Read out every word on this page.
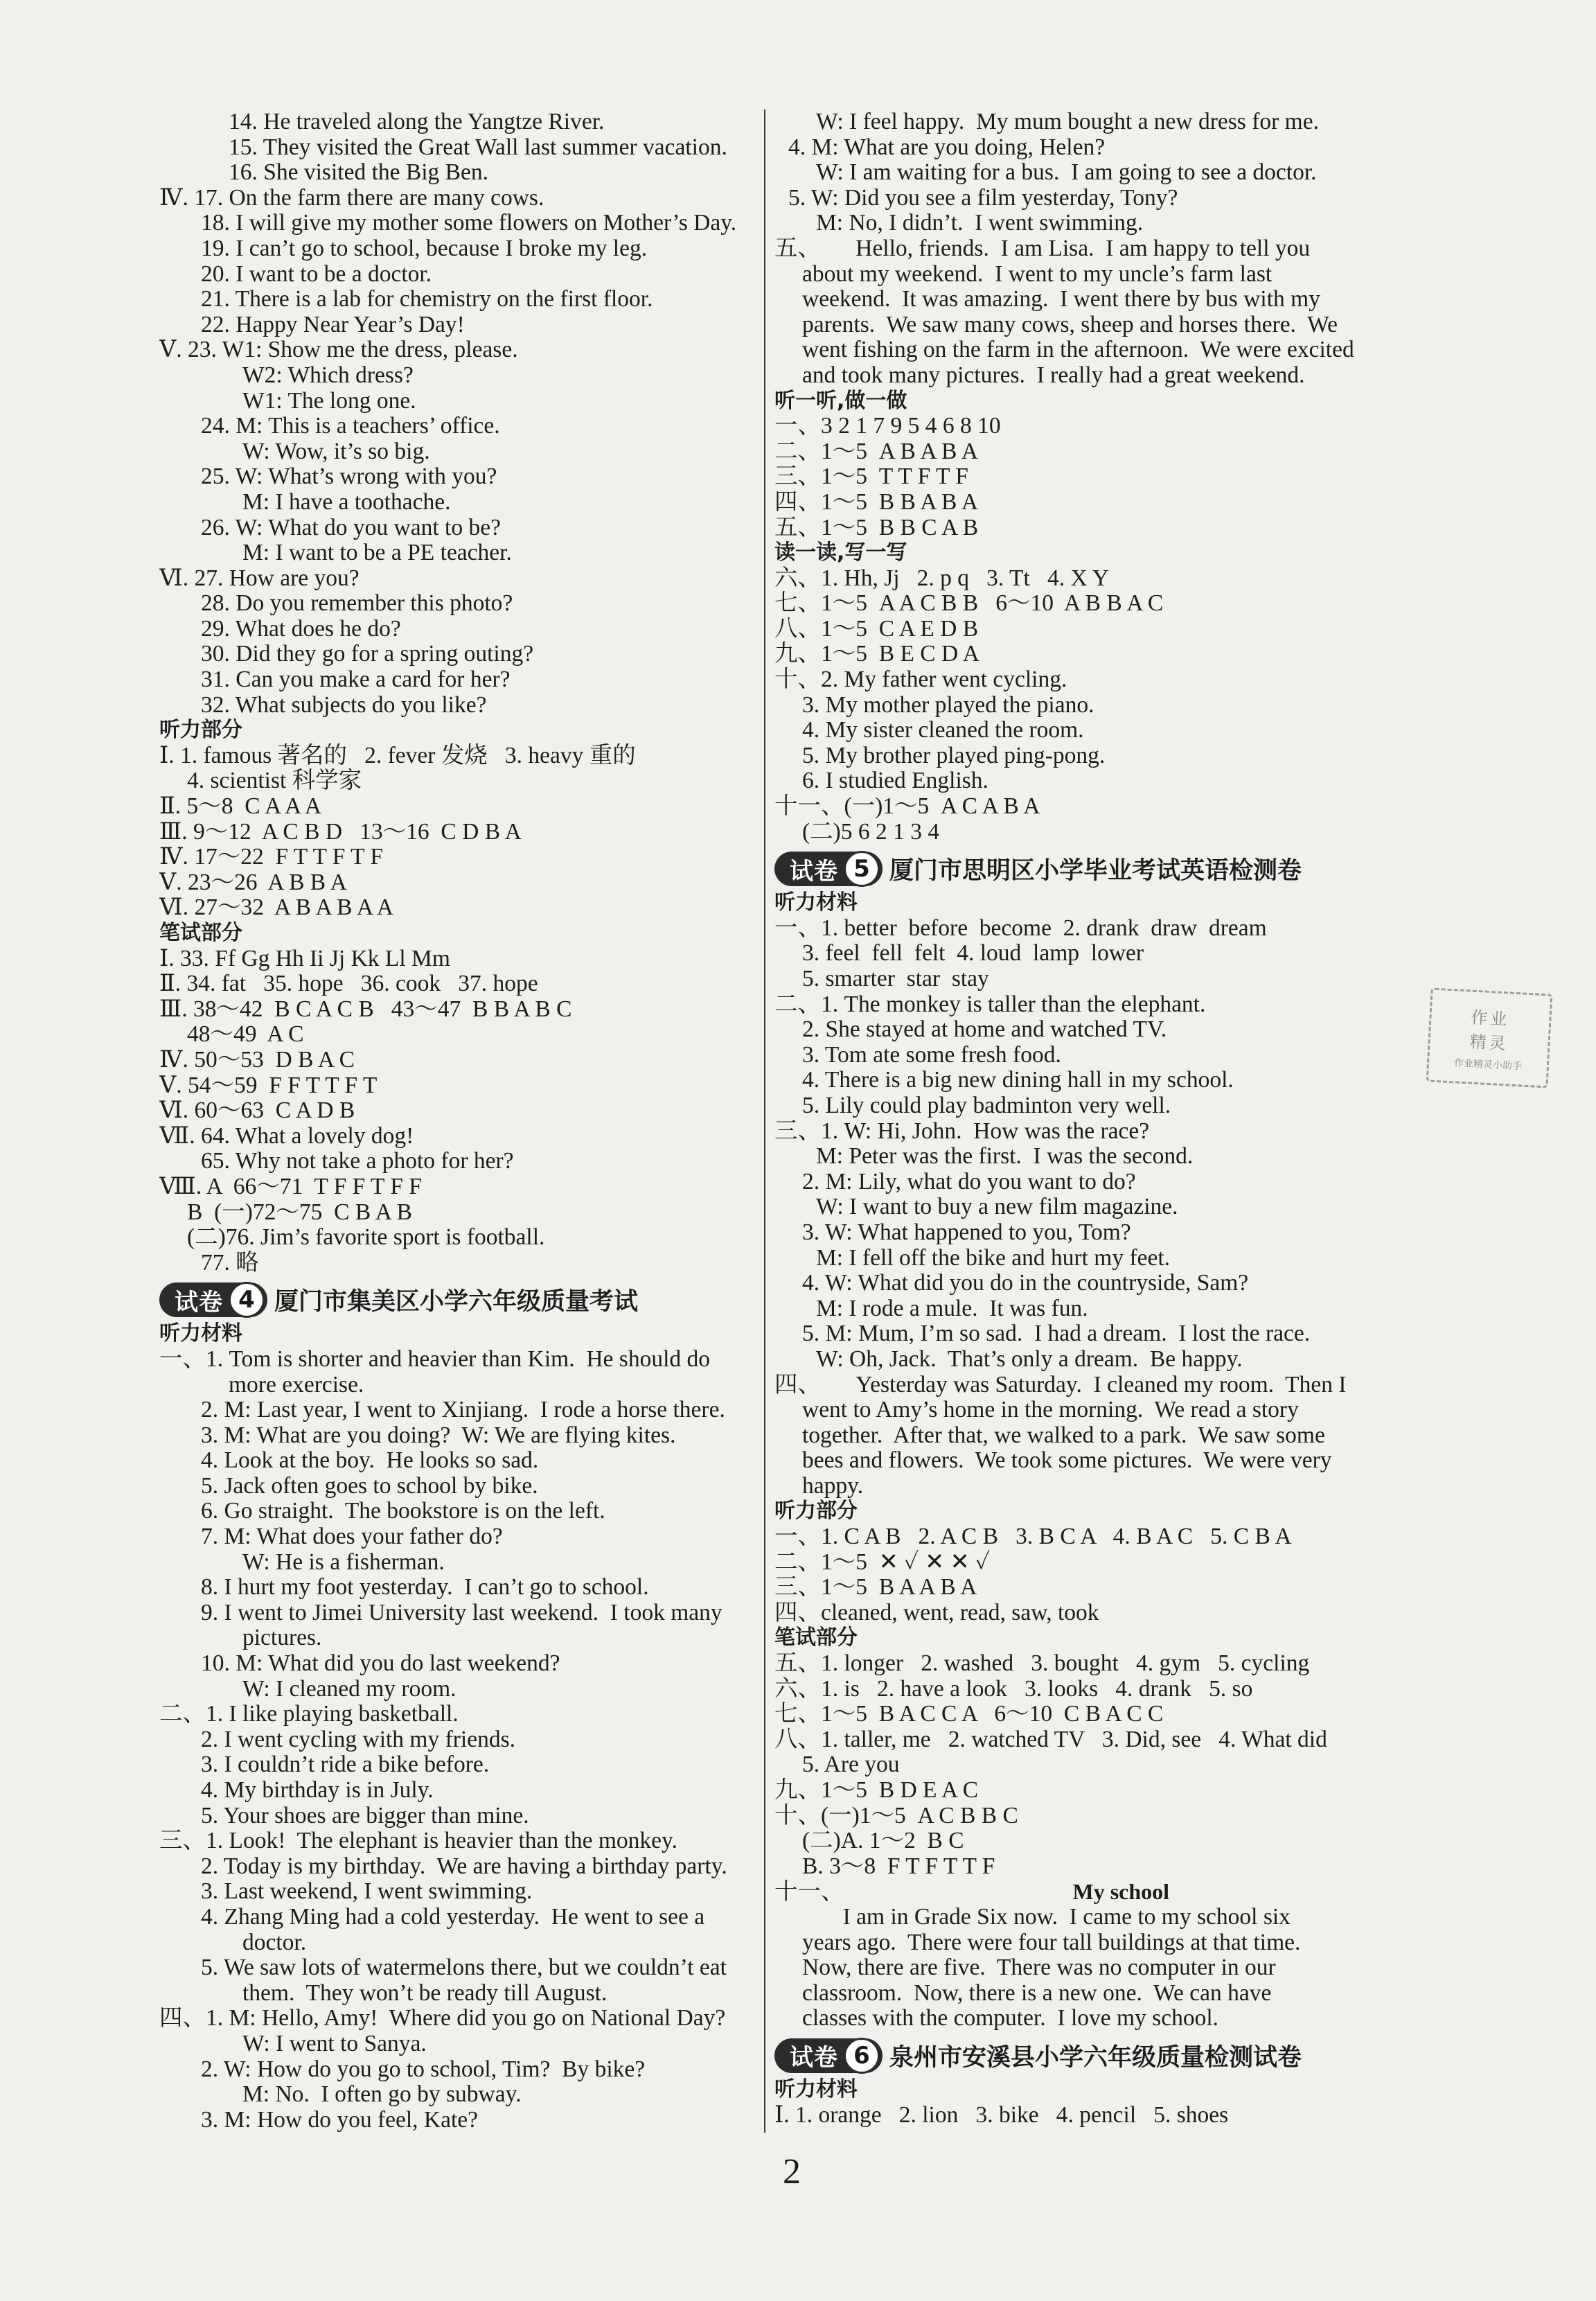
14. He traveled along the Yangtze River.
15. They visited the Great Wall last summer vacation.
16. She visited the Big Ben.
Ⅳ. 17. On the farm there are many cows.
18. I will give my mother some flowers on Mother’s Day.
19. I can’t go to school, because I broke my leg.
20. I want to be a doctor.
21. There is a lab for chemistry on the first floor.
22. Happy Near Year’s Day!
Ⅴ. 23. W1: Show me the dress, please.
W2: Which dress?
W1: The long one.
24. M: This is a teachers’ office.
W: Wow, it’s so big.
25. W: What’s wrong with you?
M: I have a toothache.
26. W: What do you want to be?
M: I want to be a PE teacher.
Ⅵ. 27. How are you?
28. Do you remember this photo?
29. What does he do?
30. Did they go for a spring outing?
31. Can you make a card for her?
32. What subjects do you like?
听力部分
Ⅰ. 1. famous 著名的   2. fever 发烧   3. heavy 重的
4. scientist 科学家
Ⅱ. 5～8  C A A A
Ⅲ. 9～12  A C B D   13～16  C D B A
Ⅳ. 17～22  F T T F T F
Ⅴ. 23～26  A B B A
Ⅵ. 27～32  A B A B A A
笔试部分
Ⅰ. 33. Ff Gg Hh Ii Jj Kk Ll Mm
Ⅱ. 34. fat   35. hope   36. cook   37. hope
Ⅲ. 38～42  B C A C B   43～47  B B A B C
48～49  A C
Ⅳ. 50～53  D B A C
Ⅴ. 54～59  F F T T F T
Ⅵ. 60～63  C A D B
Ⅶ. 64. What a lovely dog!
65. Why not take a photo for her?
Ⅷ. A  66～71  T F F T F F
B  (一)72～75  C B A B
(二)76. Jim’s favorite sport is football.
77. 略
试卷 4 厦门市集美区小学六年级质量考试
听力材料
一、1. Tom is shorter and heavier than Kim.  He should do
more exercise.
2. M: Last year, I went to Xinjiang.  I rode a horse there.
3. M: What are you doing?  W: We are flying kites.
4. Look at the boy.  He looks so sad.
5. Jack often goes to school by bike.
6. Go straight.  The bookstore is on the left.
7. M: What does your father do?
W: He is a fisherman.
8. I hurt my foot yesterday.  I can’t go to school.
9. I went to Jimei University last weekend.  I took many
pictures.
10. M: What did you do last weekend?
W: I cleaned my room.
二、1. I like playing basketball.
2. I went cycling with my friends.
3. I couldn’t ride a bike before.
4. My birthday is in July.
5. Your shoes are bigger than mine.
三、1. Look!  The elephant is heavier than the monkey.
2. Today is my birthday.  We are having a birthday party.
3. Last weekend, I went swimming.
4. Zhang Ming had a cold yesterday.  He went to see a
doctor.
5. We saw lots of watermelons there, but we couldn’t eat
them.  They won’t be ready till August.
四、1. M: Hello, Amy!  Where did you go on National Day?
W: I went to Sanya.
2. W: How do you go to school, Tim?  By bike?
M: No.  I often go by subway.
3. M: How do you feel, Kate?
W: I feel happy.  My mum bought a new dress for me.
4. M: What are you doing, Helen?
W: I am waiting for a bus.  I am going to see a doctor.
5. W: Did you see a film yesterday, Tony?
M: No, I didn’t.  I went swimming.
五、      Hello, friends.  I am Lisa.  I am happy to tell you
about my weekend.  I went to my uncle’s farm last
weekend.  It was amazing.  I went there by bus with my
parents.  We saw many cows, sheep and horses there.  We
went fishing on the farm in the afternoon.  We were excited
and took many pictures.  I really had a great weekend.
听一听,做一做
一、3 2 1 7 9 5 4 6 8 10
二、1～5  A B A B A
三、1～5  T T F T F
四、1～5  B B A B A
五、1～5  B B C A B
读一读,写一写
六、1. Hh, Jj   2. p q   3. Tt   4. X Y
七、1～5  A A C B B   6～10  A B B A C
八、1～5  C A E D B
九、1～5  B E C D A
十、2. My father went cycling.
3. My mother played the piano.
4. My sister cleaned the room.
5. My brother played ping-pong.
6. I studied English.
十一、(一)1～5  A C A B A
(二)5 6 2 1 3 4
试卷 5 厦门市思明区小学毕业考试英语检测卷
听力材料
一、1. better  before  become  2. drank  draw  dream
3. feel  fell  felt  4. loud  lamp  lower
5. smarter  star  stay
二、1. The monkey is taller than the elephant.
2. She stayed at home and watched TV.
3. Tom ate some fresh food.
4. There is a big new dining hall in my school.
5. Lily could play badminton very well.
三、1. W: Hi, John.  How was the race?
M: Peter was the first.  I was the second.
2. M: Lily, what do you want to do?
W: I want to buy a new film magazine.
3. W: What happened to you, Tom?
M: I fell off the bike and hurt my feet.
4. W: What did you do in the countryside, Sam?
M: I rode a mule.  It was fun.
5. M: Mum, I’m so sad.  I had a dream.  I lost the race.
W: Oh, Jack.  That’s only a dream.  Be happy.
四、      Yesterday was Saturday.  I cleaned my room.  Then I
went to Amy’s home in the morning.  We read a story
together.  After that, we walked to a park.  We saw some
bees and flowers.  We took some pictures.  We were very
happy.
听力部分
一、1. C A B   2. A C B   3. B C A   4. B A C   5. C B A
二、1～5  ✕ ✓ ✕ ✕ ✓
三、1～5  B A A B A
四、cleaned, went, read, saw, took
笔试部分
五、1. longer   2. washed   3. bought   4. gym   5. cycling
六、1. is   2. have a look   3. looks   4. drank   5. so
七、1～5  B A C C A   6～10  C B A C C
八、1. taller, me   2. watched TV   3. Did, see   4. What did
5. Are you
九、1～5  B D E A C
十、(一)1～5  A C B B C
(二)A. 1～2  B C
B. 3～8  F T F T T F
十一、	My school
I am in Grade Six now.  I came to my school six
years ago.  There were four tall buildings at that time.
Now, there are five.  There was no computer in our
classroom.  Now, there is a new one.  We can have
classes with the computer.  I love my school.
试卷 6 泉州市安溪县小学六年级质量检测试卷
听力材料
Ⅰ. 1. orange   2. lion   3. bike   4. pencil   5. shoes
作业
精灵
作业精灵小助手
2
